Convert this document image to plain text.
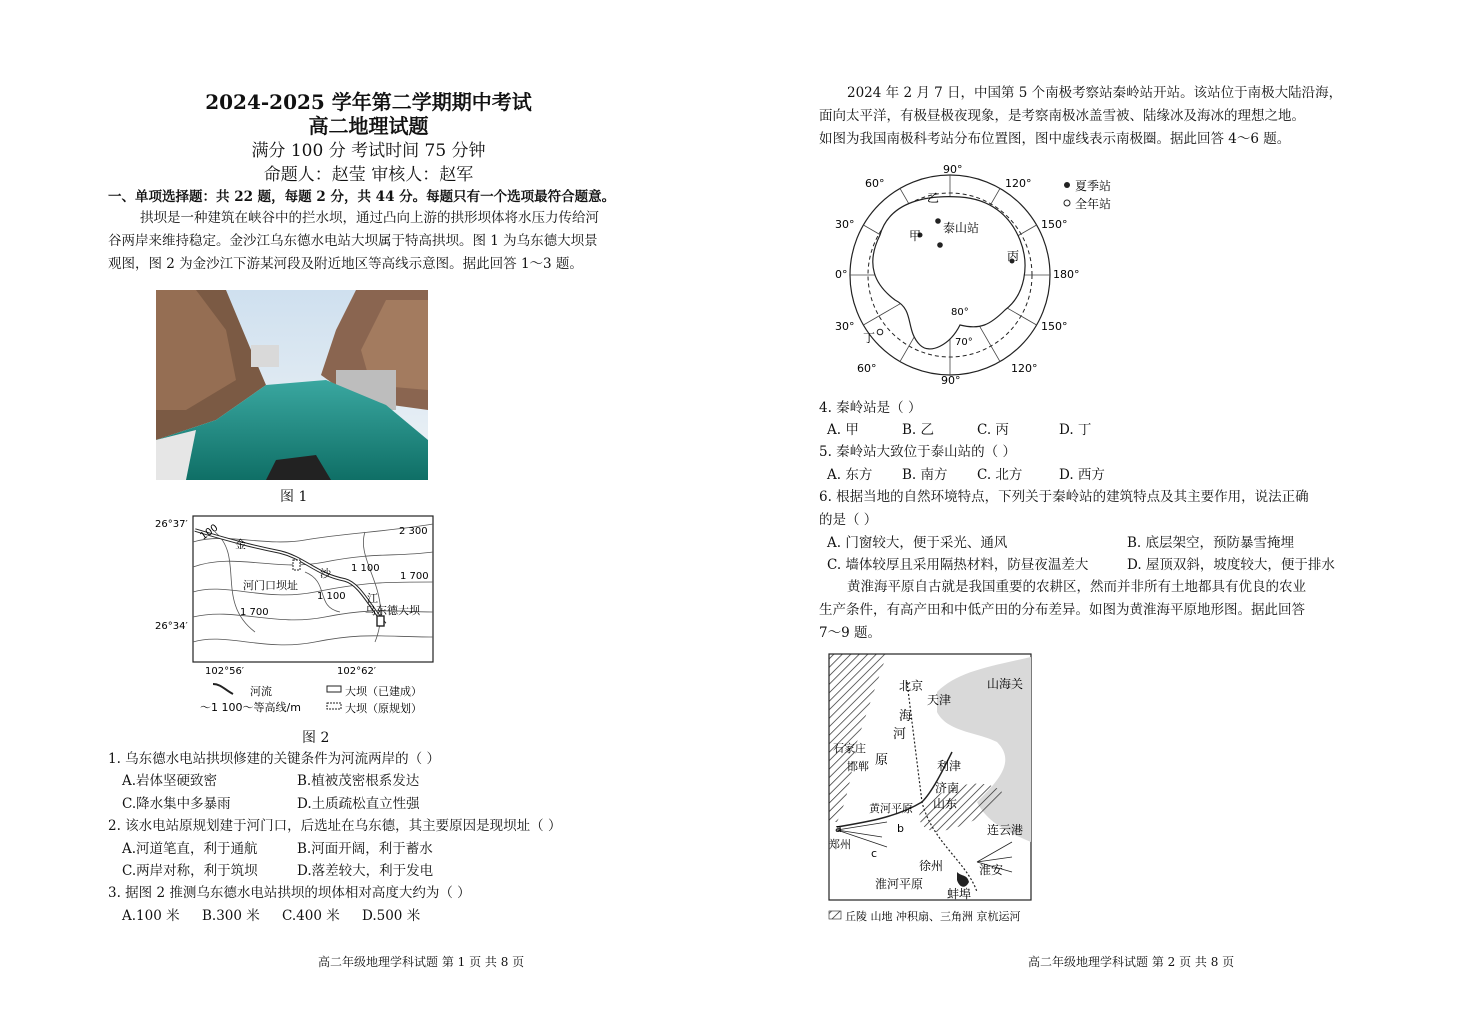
2024-2025 学年第二学期期中考试
高二地理试题
满分 100 分 考试时间 75 分钟
命题人：赵莹 审核人：赵军
一、单项选择题：共 22 题，每题 2 分，共 44 分。每题只有一个选项最符合题意。
拱坝是一种建筑在峡谷中的拦水坝，通过凸向上游的拱形坝体将水压力传给河
谷两岸来维持稳定。金沙江乌东德水电站大坝属于特高拱坝。图 1 为乌东德大坝景
观图，图 2 为金沙江下游某河段及附近地区等高线示意图。据此回答 1～3 题。
图 1
26°37′
26°34′
102°56′	102°62′
100	2 300
1 100
1 700
1 100
1 700
金
沙
江
河门口坝址
乌东德大坝
河流
～1 100～等高线/m
大坝（已建成）
大坝（原规划）
图 2
1. 乌东德水电站拱坝修建的关键条件为河流两岸的（ ）
A.岩体坚硬致密	B.植被茂密根系发达
C.降水集中多暴雨	D.土质疏松直立性强
2. 该水电站原规划建于河门口，后选址在乌东德，其主要原因是现坝址（ ）
A.河道笔直，利于通航	B.河面开阔，利于蓄水
C.两岸对称，利于筑坝	D.落差较大，利于发电
3. 据图 2 推测乌东德水电站拱坝的坝体相对高度大约为（ ）
A.100 米 B.300 米 C.400 米 D.500 米
高二年级地理学科试题 第 1 页 共 8 页
2024 年 2 月 7 日，中国第 5 个南极考察站秦岭站开站。该站位于南极大陆沿海，
面向太平洋，有极昼极夜现象，是考察南极冰盖雪被、陆缘冰及海冰的理想之地。
如图为我国南极科考站分布位置图，图中虚线表示南极圈。据此回答 4～6 题。
90°
60°	120°
30°	150°
0°	180°
30°	150°
60°	120°
90°
80°
70°
乙
甲
泰山站
丙
丁
夏季站
全年站
4. 秦岭站是（ ）
A. 甲	B. 乙	C. 丙	D. 丁
5. 秦岭站大致位于泰山站的（ ）
A. 东方 B. 南方 C. 北方	D. 西方
6. 根据当地的自然环境特点，下列关于秦岭站的建筑特点及其主要作用，说法正确
的是（ ）
A. 门窗较大，便于采光、通风	B. 底层架空，预防暴雪掩埋
C. 墙体较厚且采用隔热材料，防昼夜温差大	D. 屋顶双斜，坡度较大，便于排水
黄淮海平原自古就是我国重要的农耕区，然而并非所有土地都具有优良的农业
生产条件，有高产田和中低产田的分布差异。如图为黄淮海平原地形图。据此回答
7～9 题。
北京
天津
山海关
海
河
原
石家庄
邯郸	利津
济南
山东
黄河平原
a	b
c
郑州
连云港
徐州	淮安
淮河平原
蚌埠
丘陵 山地 冲积扇、三角洲 京杭运河
高二年级地理学科试题 第 2 页 共 8 页
